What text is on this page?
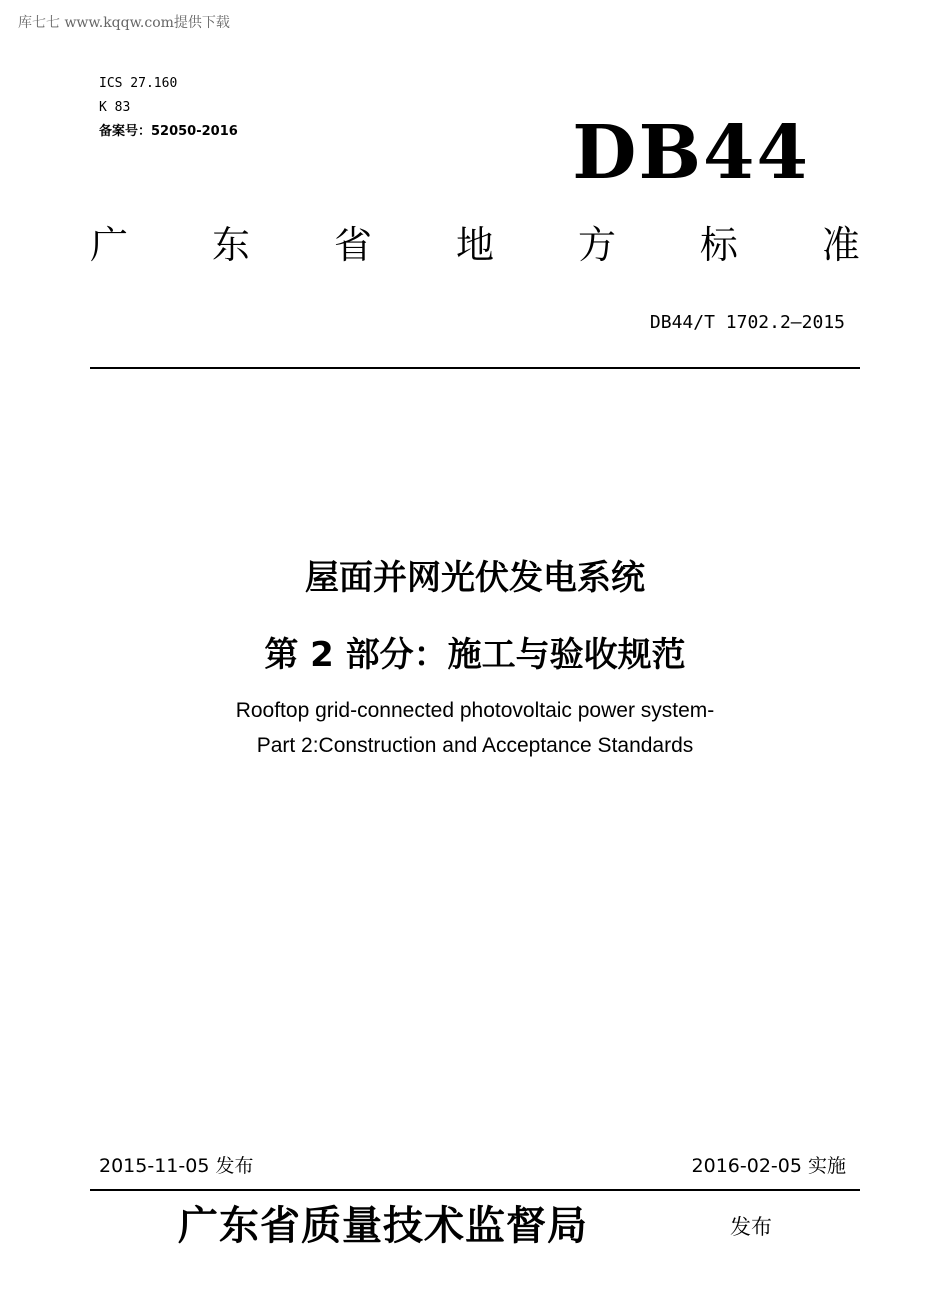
库七七 www.kqqw.com提供下载
ICS 27.160
K 83
备案号：52050-2016	DB44
广 东 省 地 方 标 准
DB44/T 1702.2—2015
屋面并网光伏发电系统
第 2 部分：施工与验收规范
Rooftop grid-connected photovoltaic power system-
Part 2:Construction and Acceptance Standards
2015-11-05 发布	2016-02-05 实施
广东省质量技术监督局	发布
